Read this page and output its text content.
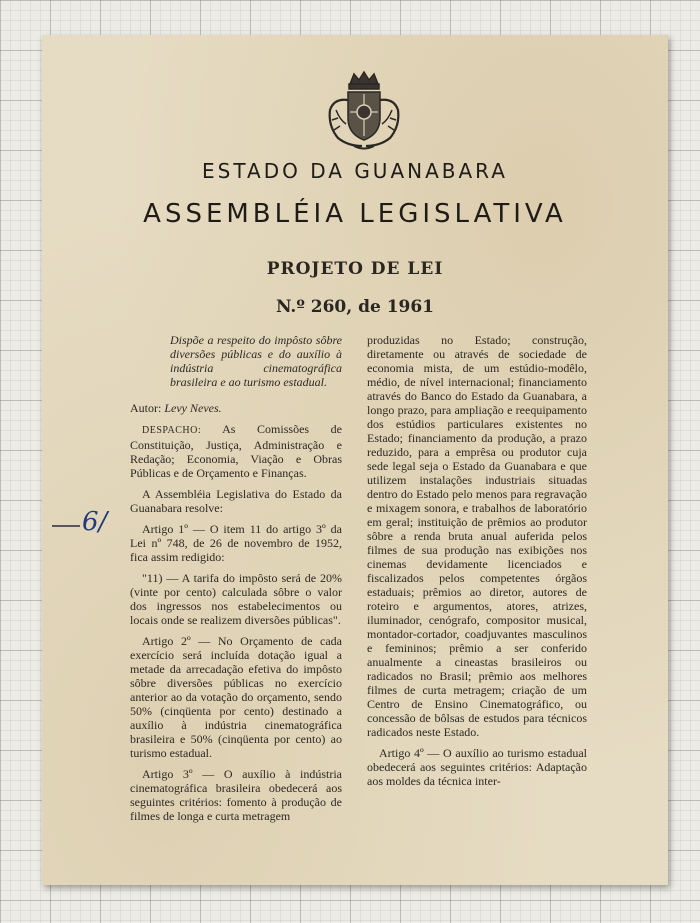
ESTADO DA GUANABARA
ASSEMBLÉIA LEGISLATIVA
PROJETO DE LEI
N.º 260, de 1961

Dispõe a respeito do impôsto sôbre diversões públicas e do auxílio à indústria cinematográfica brasileira e ao turismo estadual.

Autor: Levy Neves.

DESPACHO: As Comissões de Constituição, Justiça, Administração e Redação; Economia, Viação e Obras Públicas e de Orçamento e Finanças.

A Assembléia Legislativa do Estado da Guanabara resolve:

Artigo 1º — O item 11 do artigo 3º da Lei nº 748, de 26 de novembro de 1952, fica assim redigido:

"11) — A tarifa do impôsto será de 20% (vinte por cento) calculada sôbre o valor dos ingressos nos estabelecimentos ou locais onde se realizem diversões públicas".

Artigo 2º — No Orçamento de cada exercício será incluída dotação igual a metade da arrecadação efetiva do impôsto sôbre diversões públicas no exercício anterior ao da votação do orçamento, sendo 50% (cinqüenta por cento) destinado a auxílio à indústria cinematográfica brasileira e 50% (cinqüenta por cento) ao turismo estadual.

Artigo 3º — O auxílio à indústria cinematográfica brasileira obedecerá aos seguintes critérios: fomento à produção de filmes de longa e curta metragem

produzidas no Estado; construção, diretamente ou através de sociedade de economia mista, de um estúdio-modêlo, médio, de nível internacional; financiamento através do Banco do Estado da Guanabara, a longo prazo, para ampliação e reequipamento dos estúdios particulares existentes no Estado; financiamento da produção, a prazo reduzido, para a emprêsa ou produtor cuja sede legal seja o Estado da Guanabara e que utilizem instalações industriais situadas dentro do Estado pelo menos para regravação e mixagem sonora, e trabalhos de laboratório em geral; instituição de prêmios ao produtor sôbre a renda bruta anual auferida pelos filmes de sua produção nas exibições nos cinemas devidamente licenciados e fiscalizados pelos competentes órgãos estaduais; prêmios ao diretor, autores de roteiro e argumentos, atores, atrizes, iluminador, cenógrafo, compositor musical, montador-cortador, coadjuvantes masculinos e femininos; prêmio a ser conferido anualmente a cineastas brasileiros ou radicados no Brasil; prêmio aos melhores filmes de curta metragem; criação de um Centro de Ensino Cinematográfico, ou concessão de bôlsas de estudos para técnicos radicados neste Estado.

Artigo 4º — O auxílio ao turismo estadual obedecerá aos seguintes critérios: Adaptação aos moldes da técnica inter-

6/
